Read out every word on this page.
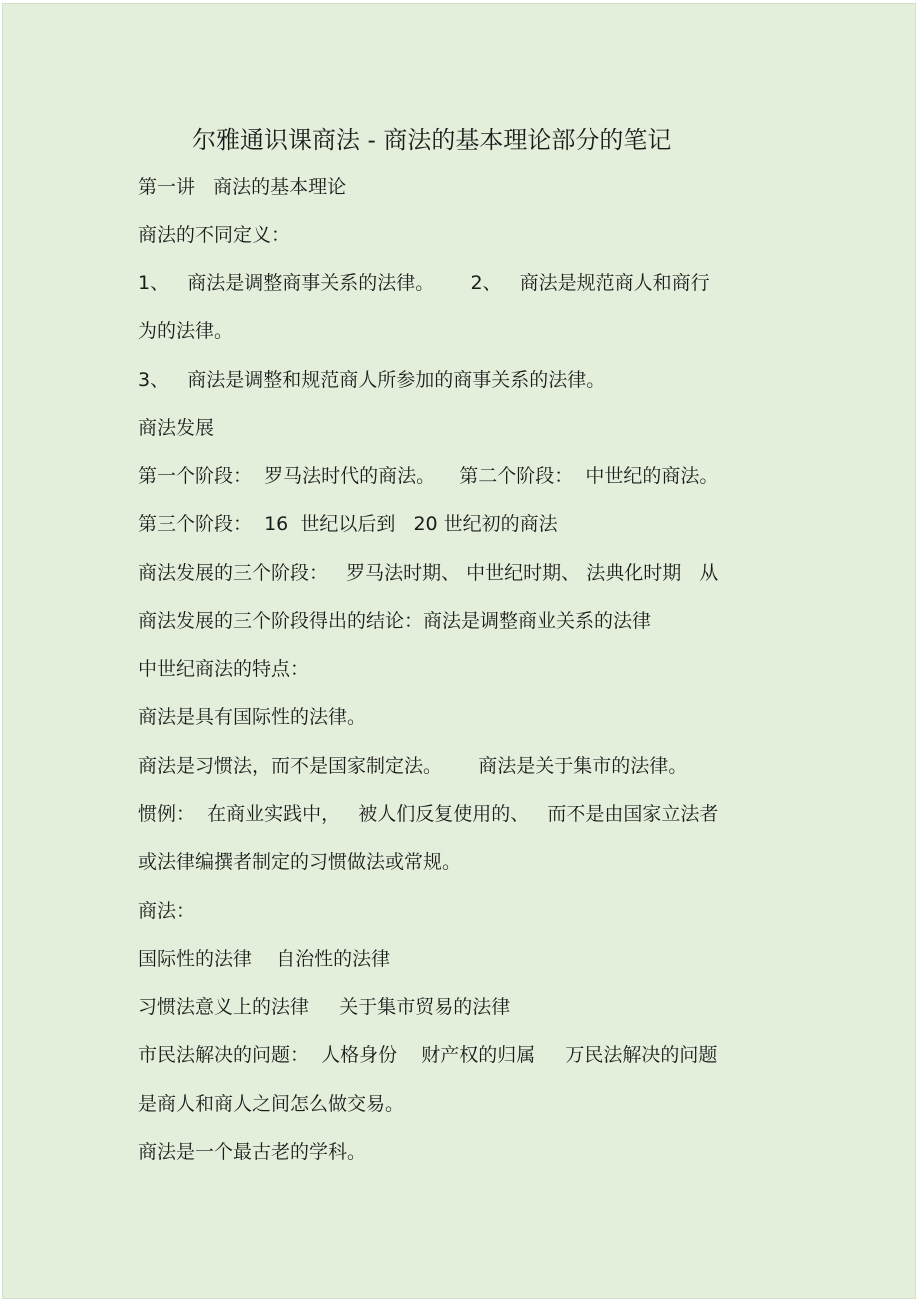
尔雅通识课商法 - 商法的基本理论部分的笔记

第一讲   商法的基本理论

商法的不同定义：

1、   商法是调整商事关系的法律。      2、   商法是规范商人和商行

为的法律。

3、   商法是调整和规范商人所参加的商事关系的法律。

商法发展

第一个阶段：  罗马法时代的商法。    第二个阶段：  中世纪的商法。

第三个阶段：  16  世纪以后到   20 世纪初的商法

商法发展的三个阶段：   罗马法时期、 中世纪时期、 法典化时期   从

商法发展的三个阶段得出的结论：商法是调整商业关系的法律

中世纪商法的特点：

商法是具有国际性的法律。

商法是习惯法，而不是国家制定法。      商法是关于集市的法律。

惯例：  在商业实践中，   被人们反复使用的、   而不是由国家立法者

或法律编撰者制定的习惯做法或常规。

商法：

国际性的法律    自治性的法律

习惯法意义上的法律     关于集市贸易的法律

市民法解决的问题：  人格身份    财产权的归属     万民法解决的问题

是商人和商人之间怎么做交易。

商法是一个最古老的学科。
